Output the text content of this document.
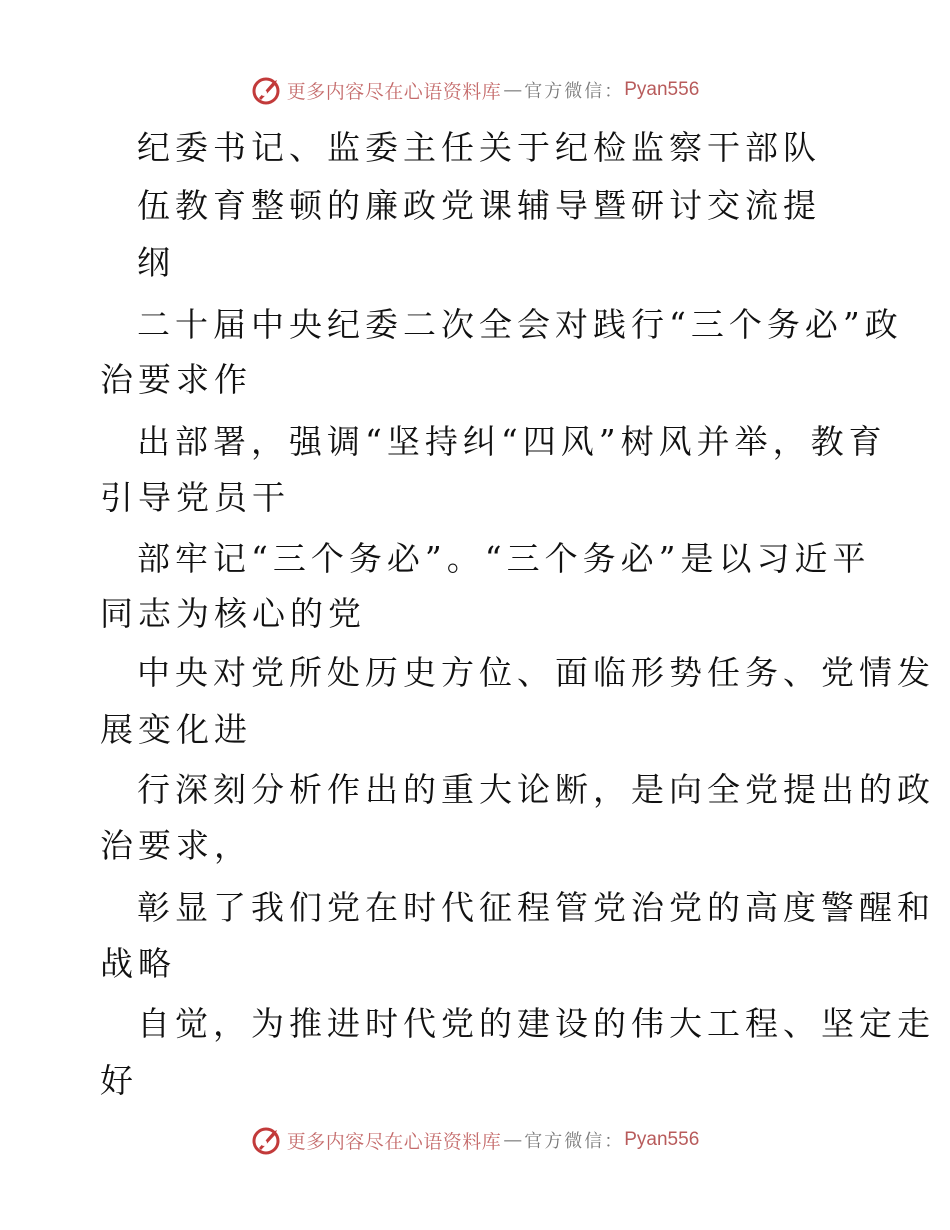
更多内容尽在心语资料库 — 官方微信： Pyan556
纪委书记、监委主任关于纪检监察干部队
伍教育整顿的廉政党课辅导暨研讨交流提
纲
二十届中央纪委二次全会对践行“三个务必”政
治要求作
出部署，强调“坚持纠“四风”树风并举，教育
引导党员干
部牢记“三个务必”。“三个务必”是以习近平
同志为核心的党
中央对党所处历史方位、面临形势任务、党情发
展变化进
行深刻分析作出的重大论断，是向全党提出的政
治要求，
彰显了我们党在时代征程管党治党的高度警醒和
战略
自觉，为推进时代党的建设的伟大工程、坚定走
好
更多内容尽在心语资料库 — 官方微信： Pyan556
